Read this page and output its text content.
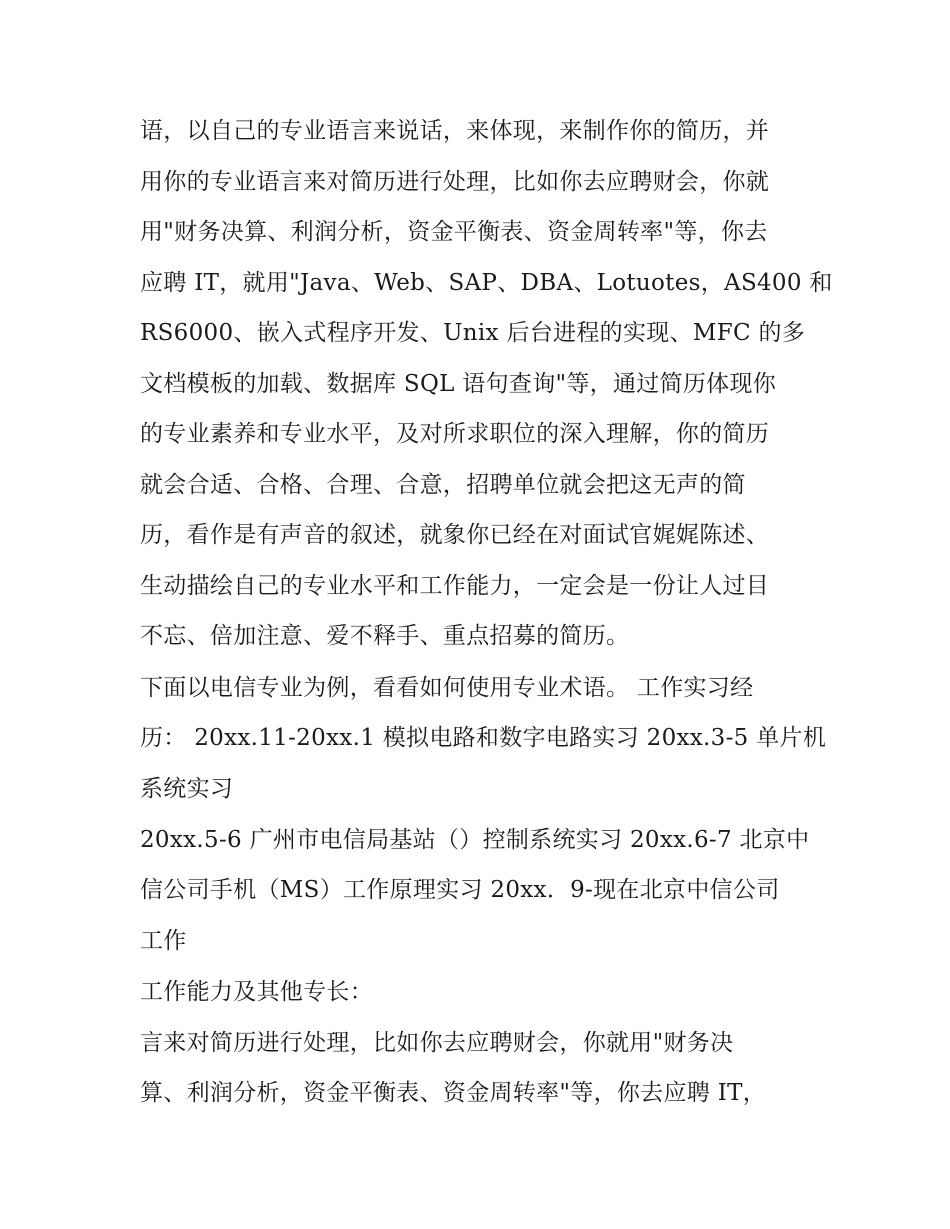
语，以自己的专业语言来说话，来体现，来制作你的简历，并
用你的专业语言来对简历进行处理，比如你去应聘财会，你就
用"财务决算、利润分析，资金平衡表、资金周转率"等，你去
应聘 IT，就用"Java、Web、SAP、DBA、Lotuotes，AS400 和
RS6000、嵌入式程序开发、Unix 后台进程的实现、MFC 的多
文档模板的加载、数据库 SQL 语句查询"等，通过简历体现你
的专业素养和专业水平，及对所求职位的深入理解，你的简历
就会合适、合格、合理、合意，招聘单位就会把这无声的简
历，看作是有声音的叙述，就象你已经在对面试官娓娓陈述、
生动描绘自己的专业水平和工作能力，一定会是一份让人过目
不忘、倍加注意、爱不释手、重点招募的简历。
下面以电信专业为例，看看如何使用专业术语。 工作实习经
历： 20xx.11-20xx.1 模拟电路和数字电路实习 20xx.3-5 单片机
系统实习
20xx.5-6 广州市电信局基站（）控制系统实习 20xx.6-7 北京中
信公司手机（MS）工作原理实习 20xx．9-现在北京中信公司
工作
工作能力及其他专长：
言来对简历进行处理，比如你去应聘财会，你就用"财务决
算、利润分析，资金平衡表、资金周转率"等，你去应聘 IT，
